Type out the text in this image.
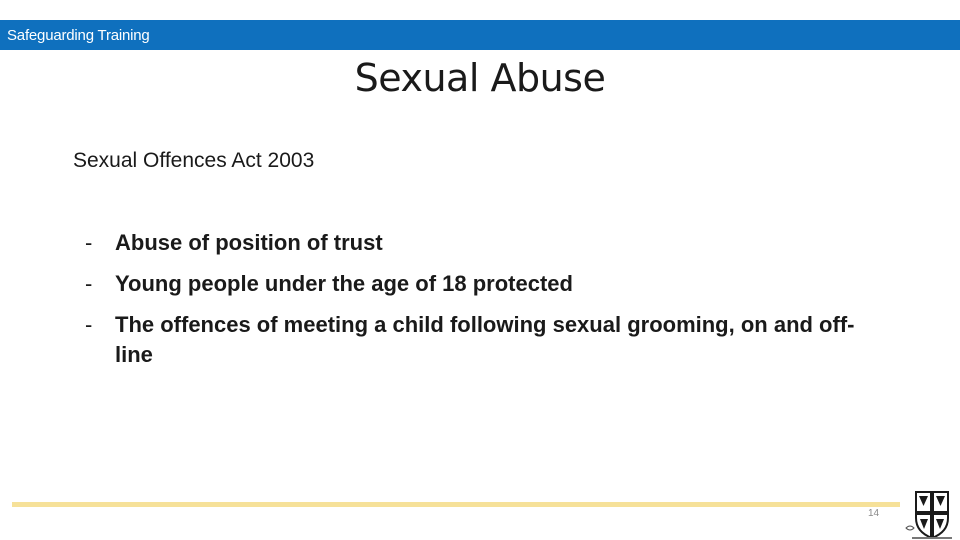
Safeguarding Training
Sexual Abuse
Sexual Offences Act 2003
- Abuse of position of trust
- Young people under the age of 18 protected
- The offences of meeting a child following sexual grooming, on and off-line
14
